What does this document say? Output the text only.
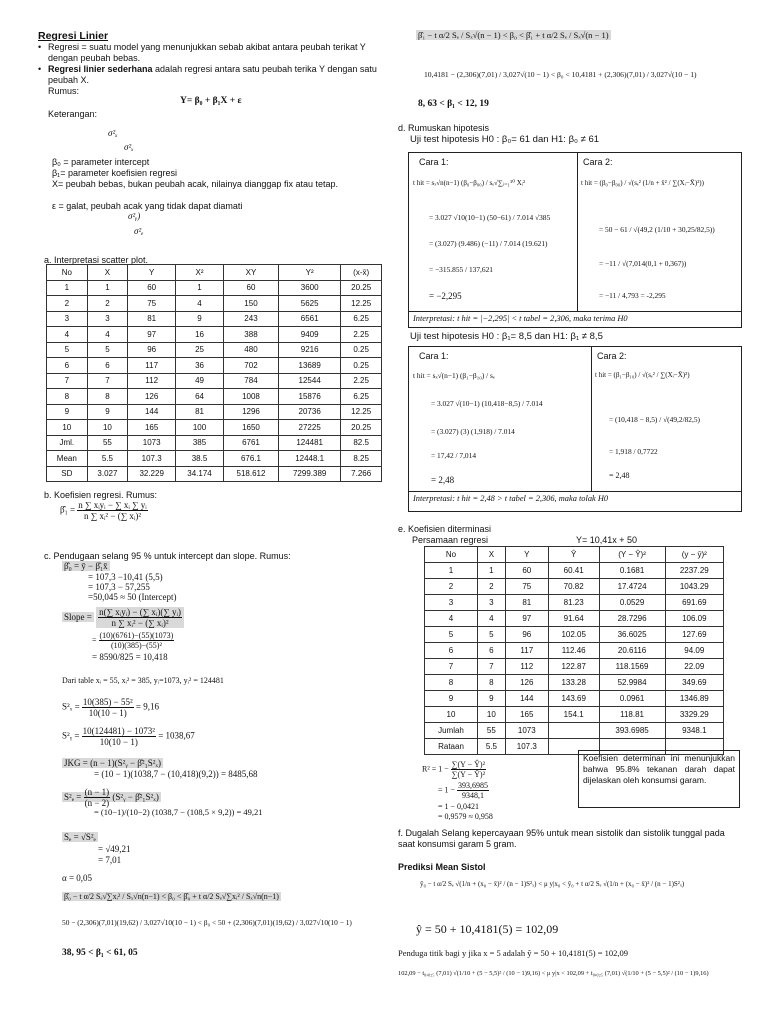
Regresi Linier
• Regresi = suatu model yang menunjukkan sebab akibat antara peubah terikat Y dengan peubah bebas.
• Regresi linier sederhana adalah regresi antara satu peubah terika Y dengan satu peubah X.
Rumus:
Y= β₀ + β₁X + ε
Keterangan:
σ²ₓ
σ²ₓ
β₀ = parameter intercept
β₁= parameter koefisien regresi
X= peubah bebas, bukan peubah acak, nilainya dianggap fix atau tetap.
ε = galat, peubah acak yang tidak dapat diamati
σ²ᵧ)
σ²ₑ
a. Interpretasi scatter plot.
No	X	Y	X²	XY	Y²	(x-x̄)
1	1	60	1	60	3600	20.25
2	2	75	4	150	5625	12.25
3	3	81	9	243	6561	6.25
4	4	97	16	388	9409	2.25
5	5	96	25	480	9216	0.25
6	6	117	36	702	13689	0.25
7	7	112	49	784	12544	2.25
8	8	126	64	1008	15876	6.25
9	9	144	81	1296	20736	12.25
10	10	165	100	1650	27225	20.25
Jml.	55	1073	385	6761	124481	82.5
Mean	5.5	107.3	38.5	676.1	12448.1	8.25
SD	3.027	32.229	34.174	518.612	7299.389	7.266
b. Koefisien regresi. Rumus:
β̂₁ = $\frac{\text{n ∑ xᵢyᵢ − ∑ xᵢ ∑ yᵢ}}{\text{n ∑ xᵢ² − (∑ xᵢ)²}}$
c. Pendugaan selang 95 % untuk intercept dan slope. Rumus:
β̂₀ = ȳ − β̂₁x̄
= 107,3 −10,41 (5,5)
= 107,3 − 57,255
=50,045 ≈ 50 (Intercept)
Slope = $\frac{\text{n(∑ xᵢyᵢ) − (∑ xᵢ)(∑ yᵢ)}}{\text{n ∑ xᵢ² − (∑ xᵢ)²}}$
= $\frac{(10)(6761)-(55)(1073)}{\text{(10)(385)−(55)²}}$
= 8590/825 = 10,418
Dari table xᵢ = 55, xᵢ² = 385, yᵢ=1073, yᵢ² = 124481
$S^2_x = \frac{\text{10(385) − 55²}}{10(10 - 1)} = 9,16$
S²ᵧ = $\frac{\text{10(124481) − 1073²}}{10(10 - 1)} = 1038,67$
JKG = (n − 1)(S²ᵧ − β̂²₁S²ₓ)
= (10 − 1)(1038,7 − (10,418)(9,2)) = 8485,68
$S^2_e = \frac{(n - 1)}{(n - 2)}$ (S²ᵧ − β̂²₁S²ₓ)
= (10−1)/(10−2) (1038,7 − (108,5 × 9,2)) = 49,21
Sₑ = √S²ₑ
= √49,21
= 7,01
α = 0,05
β̂₀ − t α/2 Sₑ√∑xᵢ² / Sₓ√n(n−1) < β₀ < β̂₀ + t α/2 Sₑ√∑xᵢ² / Sₓ√n(n−1)
50 − (2,306)(7,01)(19,62) / 3,027√10(10 − 1) < β₀ < 50 + (2,306)(7,01)(19,62) / 3,027√10(10 − 1)
38, 95 < β₁ < 61, 05
β̂₁ − t α/2 Sₑ / Sₓ√(n − 1) < β₀ < β̂₁ + t α/2 Sₑ / Sₓ√(n − 1)
10,4181 − (2,306)(7,01) / 3,027√(10 − 1) < β₀ < 10,4181 + (2,306)(7,01) / 3,027√(10 − 1)
8, 63 < β₁ < 12, 19
d. Rumuskan hipotesis
Uji test hipotesis H0 : β₀= 61 dan H1: β₀ ≠ 61
Cara 1:	Cara 2:
t hit = sₓ√n(n−1) (β₀−β₀₀) / sₑ√∑ᵢ₌₁¹⁰ Xᵢ²
= 3.027 √10(10−1) (50−61) / 7.014 √385
= (3.027) (9.486) (−11) / 7.014 (19.621)
= −315.855 / 137,621
= −2,295
t hit = (β₀−β₀₀) / √(sₑ² (1/n + x̄² / ∑(Xᵢ−X̄)²))
= 50 − 61 / √(49,2 (1/10 + 30,25/82,5))
= −11 / √(7,014(0,1 + 0,367))
= −11 / 4,793 = -2,295
Interpretasi: t hit = |−2,295| < t tabel = 2,306, maka terima H0
Uji test hipotesis H0 : β₁= 8,5 dan H1: β₁ ≠ 8,5
Cara 1:	Cara 2:
t hit = sₓ√(n−1) (β₁−β₁₀) / sₑ
= 3.027 √(10−1) (10,418−8,5) / 7.014
= (3.027) (3) (1,918) / 7.014
= 17,42 / 7,014
= 2,48
t hit = (β₁−β₁₀) / √(sₑ² / ∑(Xᵢ−X̄)²)
= (10,418 − 8,5) / √(49,2/82,5)
= 1,918 / 0,7722
= 2,48
Interpretasi: t hit = 2,48 > t tabel = 2,306, maka tolak H0
e. Koefisien diterminasi
Persamaan regresi	Y= 10,41x + 50
No	X	Y	Ŷ	(Y − Ŷ)²	(y − ȳ)²
1	1	60	60.41	0.1681	2237.29
2	2	75	70.82	17.4724	1043.29
3	3	81	81.23	0.0529	691.69
4	4	97	91.64	28.7296	106.09
5	5	96	102.05	36.6025	127.69
6	6	117	112.46	20.6116	94.09
7	7	112	122.87	118.1569	22.09
8	8	126	133.28	52.9984	349.69
9	9	144	143.69	0.0961	1346.89
10	10	165	154.1	118.81	3329.29
Jumlah	55	1073		393.6985	9348.1
Rataan	5.5	107.3			
$R^2 = 1 - \frac{\text{∑(Y − Ŷ)²}}{\text{∑(Y − Ȳ)²}}$
= $1 - \frac{393,6985}{9348,1}$
= 1 − 0,0421
= 0,9579 ≈ 0,958
Koefisien determinan ini menunjukkan bahwa 95.8% tekanan darah dapat dijelaskan oleh konsumsi garam.
f. Dugalah Selang kepercayaan 95% untuk mean sistolik dan sistolik tunggal pada saat konsumsi garam 5 gram.
Prediksi Mean Sistol
ŷ₀ − t α/2 Sₑ √(1/n + (x₀ − x̄)² / (n − 1)S²ₓ) < μ y|x₀ < ŷ₀ + t α/2 Sₑ √(1/n + (x₀ − x̄)² / (n − 1)S²ₓ)
ŷ = 50 + 10,4181(5) = 102,09
Penduga titik bagi y jika x = 5 adalah ŷ = 50 + 10,4181(5) = 102,09
102,09 − t₀,₀₂₅ (7,01) √(1/10 + (5 − 5,5)² / (10 − 1)9,16) < μ y|x < 102,09 + t₀,₀₂₅ (7,01) √(1/10 + (5 − 5,5)² / (10 − 1)9,16)
